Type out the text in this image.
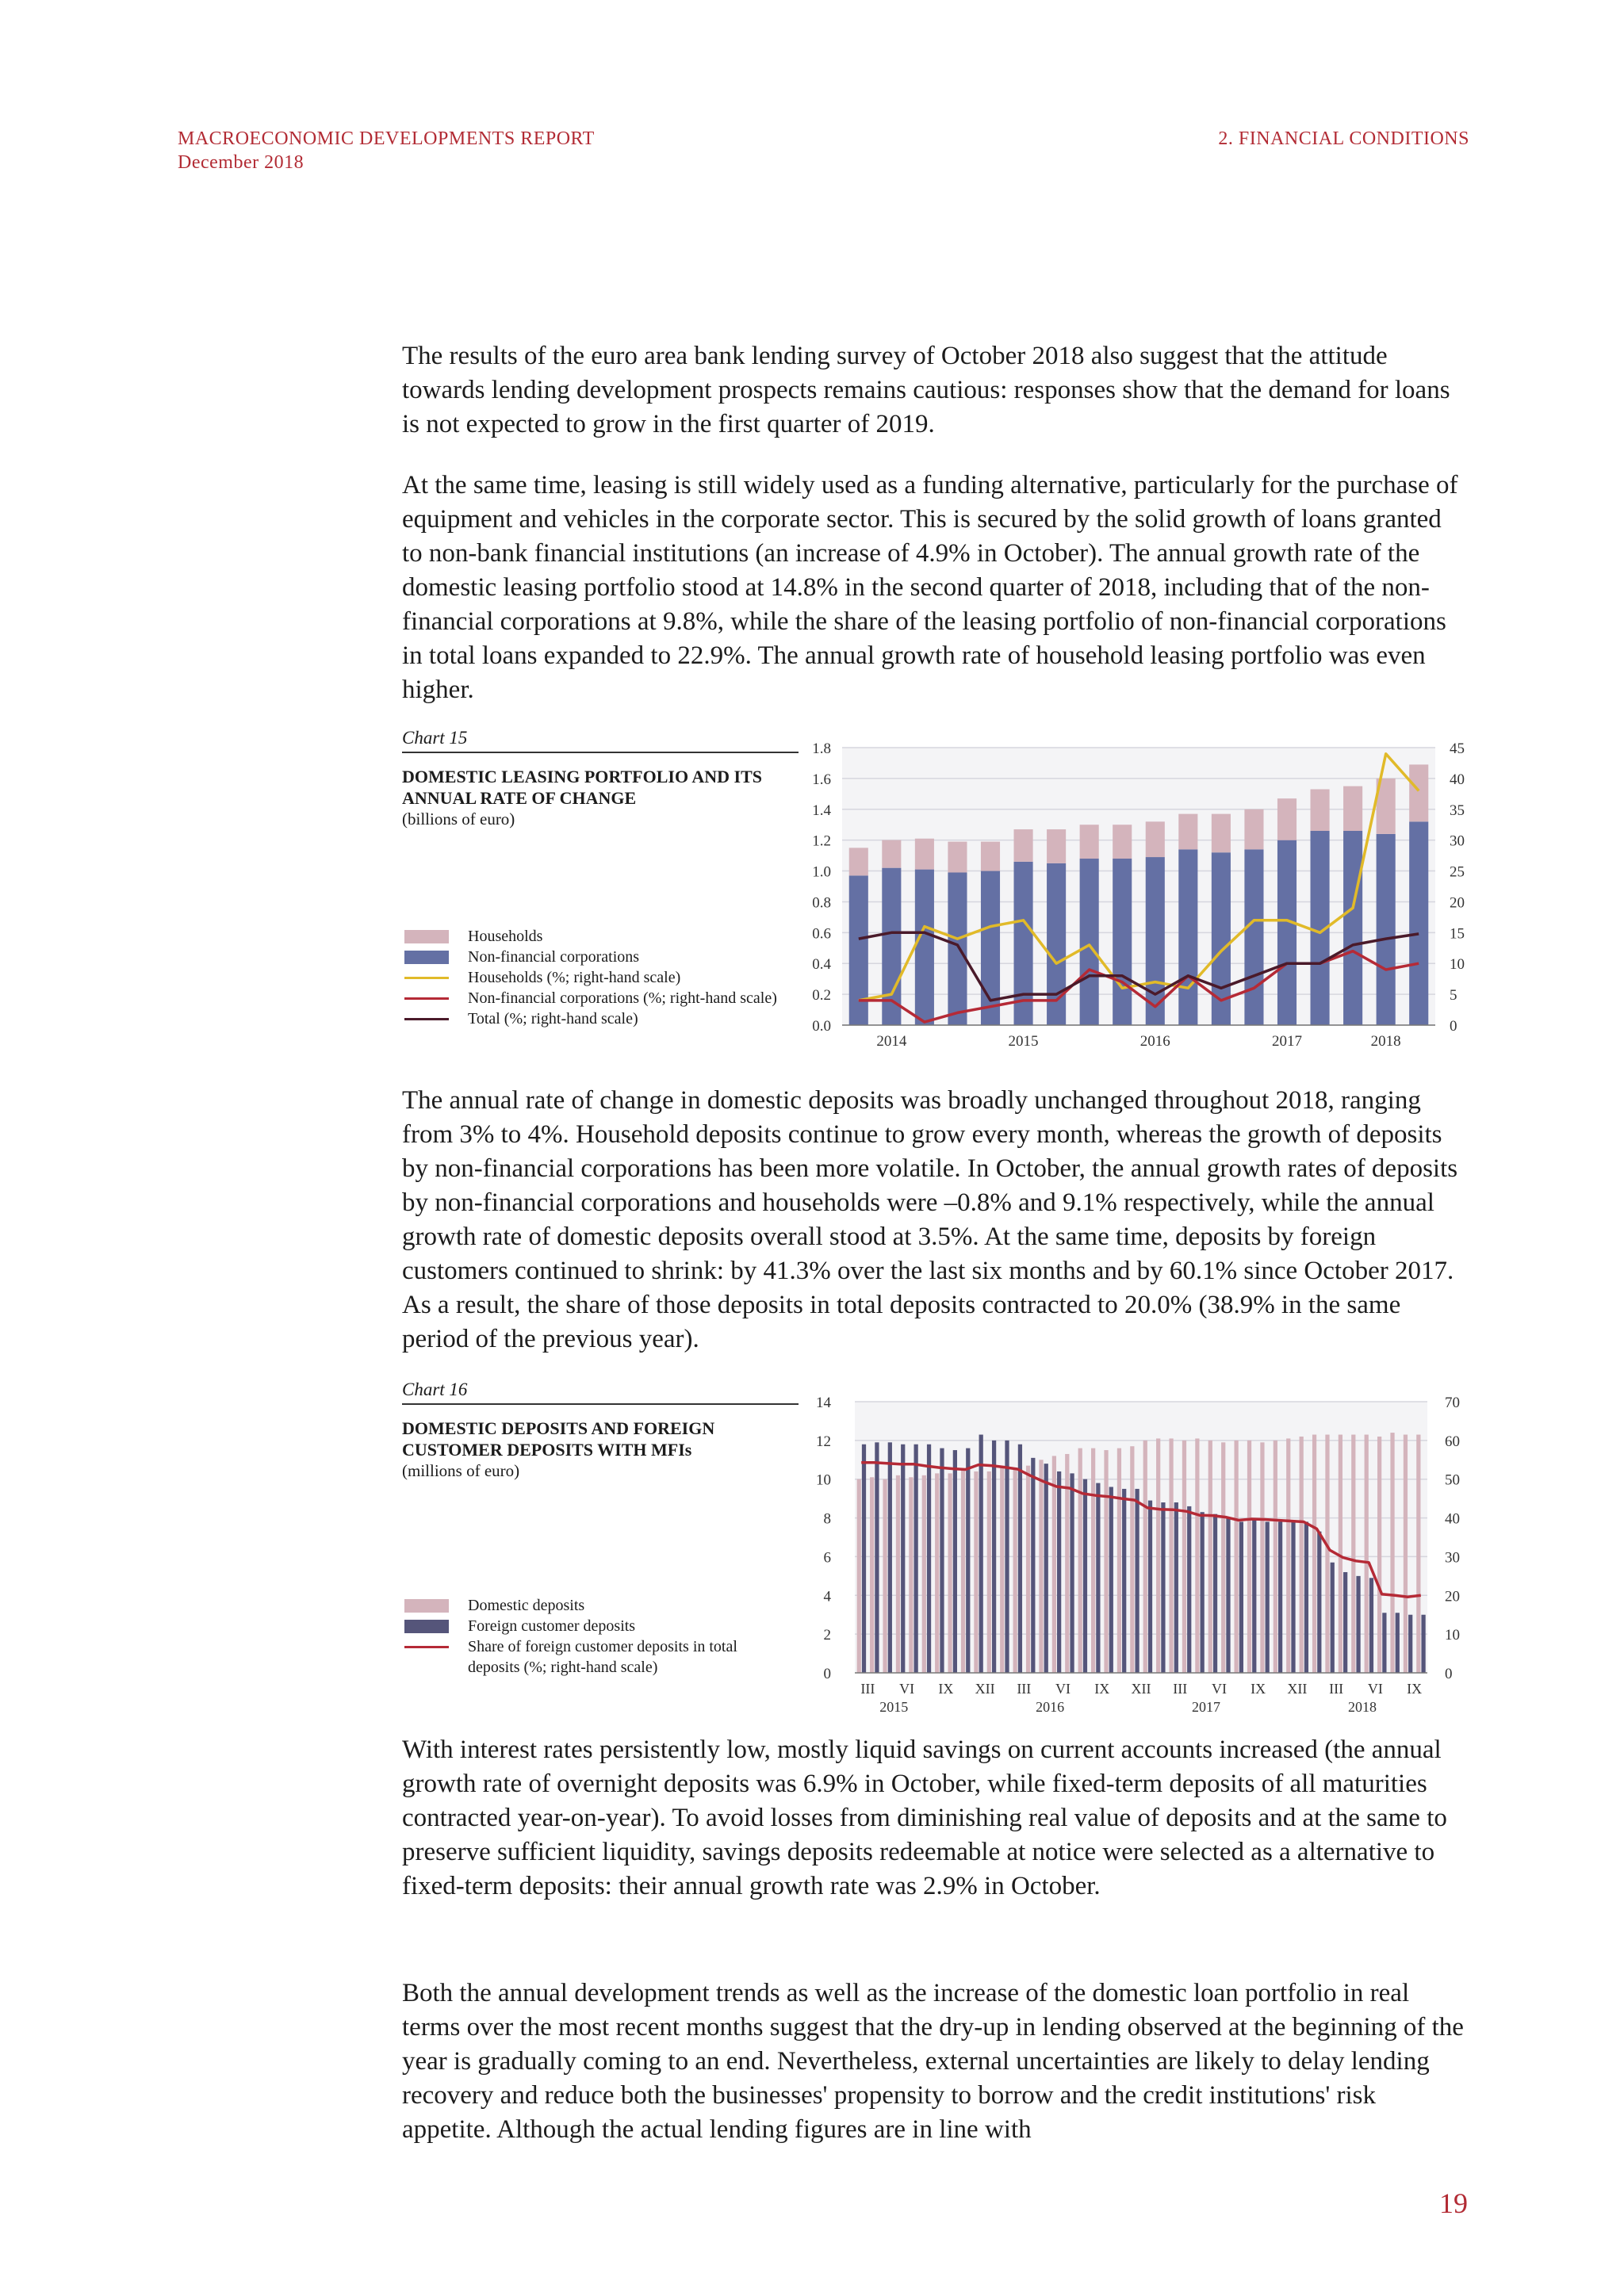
MACROECONOMIC DEVELOPMENTS REPORT
December 2018
2. FINANCIAL CONDITIONS

The results of the euro area bank lending survey of October 2018 also suggest that the attitude towards lending development prospects remains cautious: responses show that the demand for loans is not expected to grow in the first quarter of 2019.

At the same time, leasing is still widely used as a funding alternative, particularly for the purchase of equipment and vehicles in the corporate sector. This is secured by the solid growth of loans granted to non-bank financial institutions (an increase of 4.9% in October). The annual growth rate of the domestic leasing portfolio stood at 14.8% in the second quarter of 2018, including that of the non-financial corporations at 9.8%, while the share of the leasing portfolio of non-financial corporations in total loans expanded to 22.9%. The annual growth rate of household leasing portfolio was even higher.

The annual rate of change in domestic deposits was broadly unchanged throughout 2018, ranging from 3% to 4%. Household deposits continue to grow every month, whereas the growth of deposits by non-financial corporations has been more volatile. In October, the annual growth rates of deposits by non-financial corporations and households were –0.8% and 9.1% respectively, while the annual growth rate of domestic deposits overall stood at 3.5%. At the same time, deposits by foreign customers continued to shrink: by 41.3% over the last six months and by 60.1% since October 2017. As a result, the share of those deposits in total deposits contracted to 20.0% (38.9% in the same period of the previous year).

With interest rates persistently low, mostly liquid savings on current accounts increased (the annual growth rate of overnight deposits was 6.9% in October, while fixed-term deposits of all maturities contracted year-on-year). To avoid losses from diminishing real value of deposits and at the same to preserve sufficient liquidity, savings deposits redeemable at notice were selected as a alternative to fixed-term deposits: their annual growth rate was 2.9% in October.

Both the annual development trends as well as the increase of the domestic loan portfolio in real terms over the most recent months suggest that the dry-up in lending observed at the beginning of the year is gradually coming to an end. Nevertheless, external uncertainties are likely to delay lending recovery and reduce both the businesses' propensity to borrow and the credit institutions' risk appetite. Although the actual lending figures are in line with

Chart 15
DOMESTIC LEASING PORTFOLIO AND ITS ANNUAL RATE OF CHANGE
(billions of euro)
Households
Non-financial corporations
Households (%; right-hand scale)
Non-financial corporations (%; right-hand scale)
Total (%; right-hand scale)	0.0
0.2
0.4
0.6
0.8
1.0
1.2
1.4
1.6
1.8
0
5
10
15
20
25
30
35
40
45
2014	2015	2016	2017	2018
Chart 16
DOMESTIC DEPOSITS AND FOREIGN CUSTOMER DEPOSITS WITH MFIs
(millions of euro)
Domestic deposits
Foreign customer deposits
Share of foreign customer deposits in total deposits (%; right-hand scale)	0
2
4
6
8
10
12
14
0
10
20
30
40
50
60
70
III VI IX XII III VI IX XII III VI IX XII III VI IX
2015	2016	2017	2018
19
